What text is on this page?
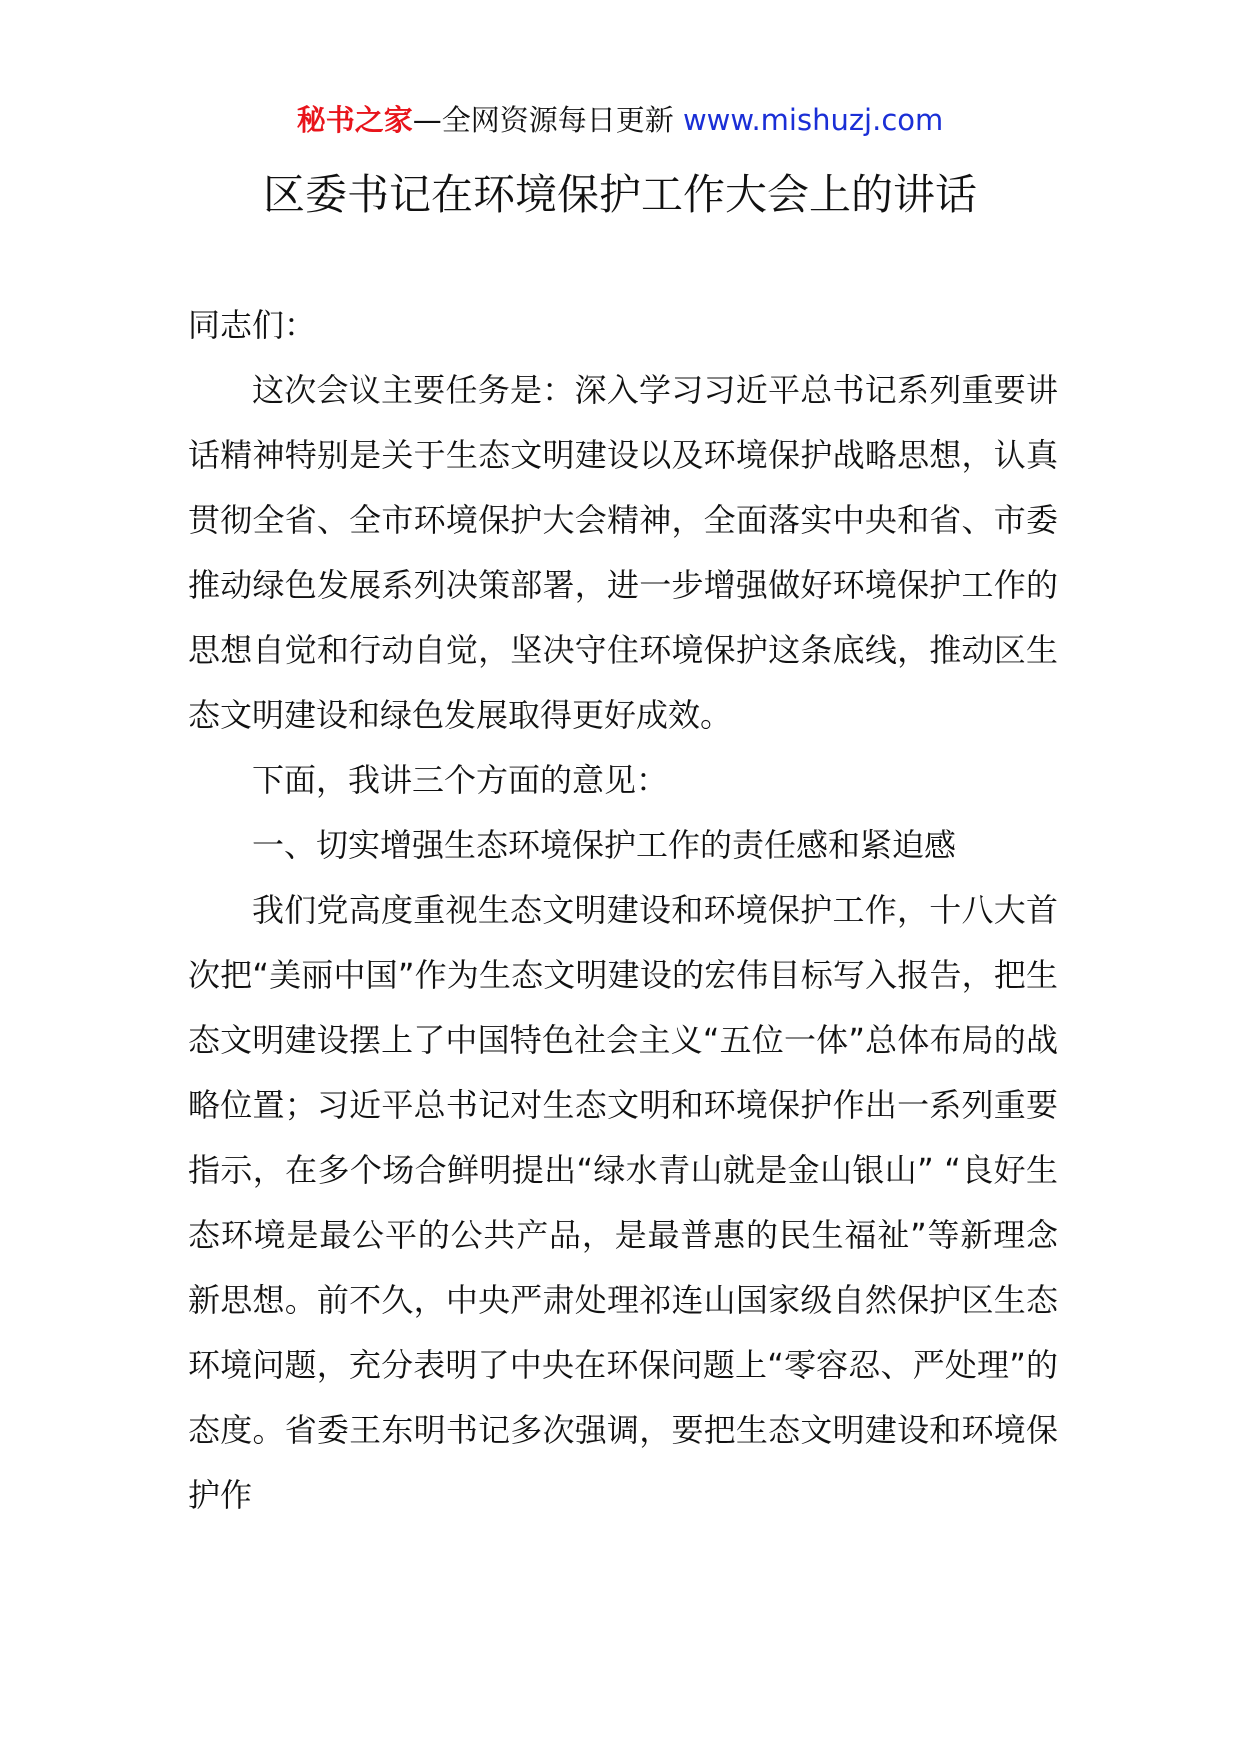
秘书之家—全网资源每日更新 www.mishuzj.com
区委书记在环境保护工作大会上的讲话

同志们：

这次会议主要任务是：深入学习习近平总书记系列重要讲话精神特别是关于生态文明建设以及环境保护战略思想，认真贯彻全省、全市环境保护大会精神，全面落实中央和省、市委推动绿色发展系列决策部署，进一步增强做好环境保护工作的思想自觉和行动自觉，坚决守住环境保护这条底线，推动区生态文明建设和绿色发展取得更好成效。

下面，我讲三个方面的意见：

一、切实增强生态环境保护工作的责任感和紧迫感

我们党高度重视生态文明建设和环境保护工作，十八大首次把“美丽中国”作为生态文明建设的宏伟目标写入报告，把生态文明建设摆上了中国特色社会主义“五位一体”总体布局的战略位置；习近平总书记对生态文明和环境保护作出一系列重要指示，在多个场合鲜明提出“绿水青山就是金山银山” “良好生态环境是最公平的公共产品，是最普惠的民生福祉”等新理念新思想。前不久，中央严肃处理祁连山国家级自然保护区生态环境问题，充分表明了中央在环保问题上“零容忍、严处理”的态度。省委王东明书记多次强调，要把生态文明建设和环境保护作
